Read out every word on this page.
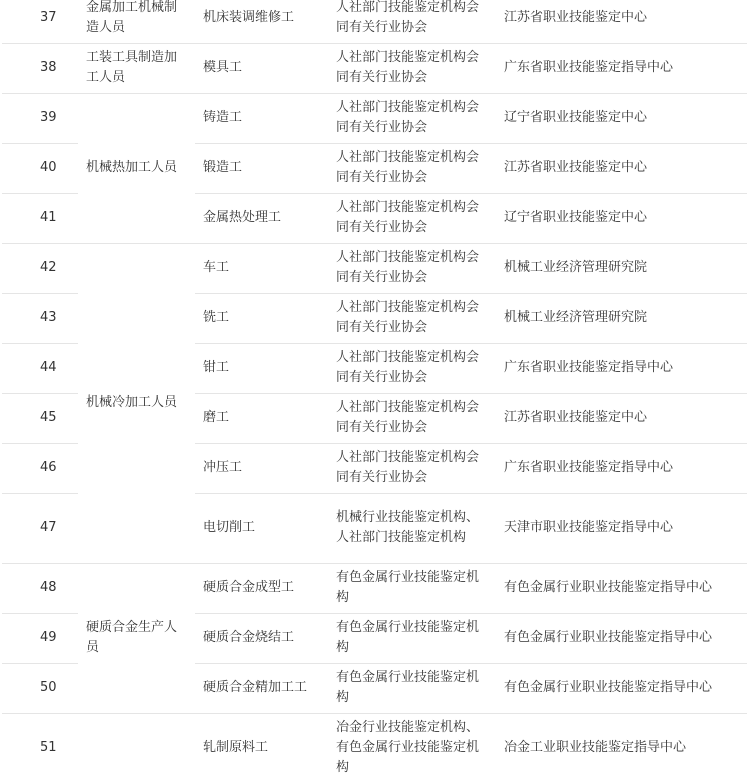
37	金属加工机械制造人员	机床装调维修工	人社部门技能鉴定机构会同有关行业协会	江苏省职业技能鉴定中心
38	工装工具制造加工人员	模具工	人社部门技能鉴定机构会同有关行业协会	广东省职业技能鉴定指导中心
39	机械热加工人员	铸造工	人社部门技能鉴定机构会同有关行业协会	辽宁省职业技能鉴定中心
40		锻造工	人社部门技能鉴定机构会同有关行业协会	江苏省职业技能鉴定中心
41		金属热处理工	人社部门技能鉴定机构会同有关行业协会	辽宁省职业技能鉴定中心
42	机械冷加工人员	车工	人社部门技能鉴定机构会同有关行业协会	机械工业经济管理研究院
43		铣工	人社部门技能鉴定机构会同有关行业协会	机械工业经济管理研究院
44		钳工	人社部门技能鉴定机构会同有关行业协会	广东省职业技能鉴定指导中心
45		磨工	人社部门技能鉴定机构会同有关行业协会	江苏省职业技能鉴定中心
46		冲压工	人社部门技能鉴定机构会同有关行业协会	广东省职业技能鉴定指导中心
47		电切削工	机械行业技能鉴定机构、人社部门技能鉴定机构	天津市职业技能鉴定指导中心
48	硬质合金生产人员	硬质合金成型工	有色金属行业技能鉴定机构	有色金属行业职业技能鉴定指导中心
49		硬质合金烧结工	有色金属行业技能鉴定机构	有色金属行业职业技能鉴定指导中心
50		硬质合金精加工工	有色金属行业技能鉴定机构	有色金属行业职业技能鉴定指导中心
51		轧制原料工	冶金行业技能鉴定机构、有色金属行业技能鉴定机构	冶金工业职业技能鉴定指导中心
